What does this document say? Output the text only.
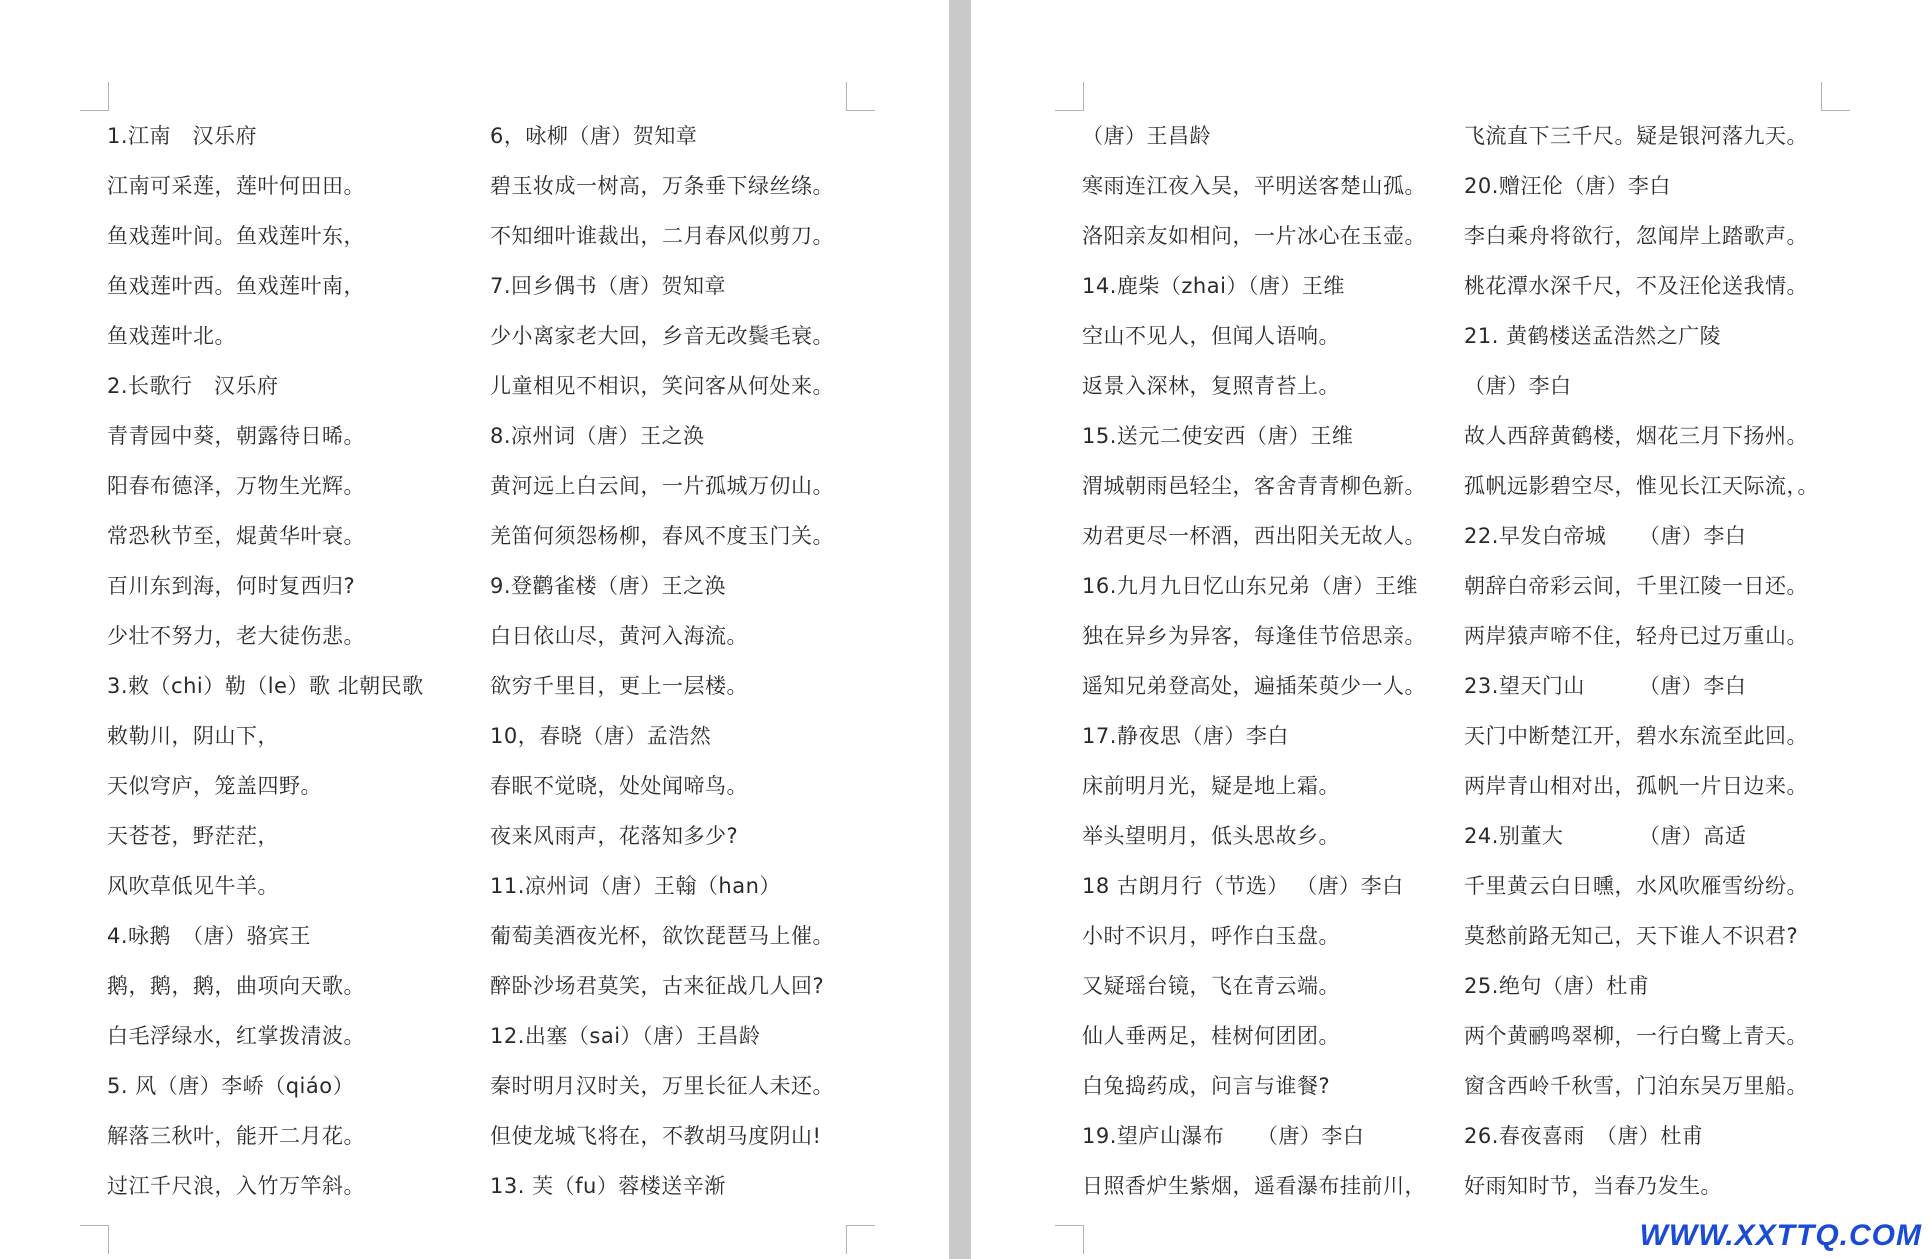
1.江南　汉乐府
江南可采莲，莲叶何田田。
鱼戏莲叶间。鱼戏莲叶东，
鱼戏莲叶西。鱼戏莲叶南，
鱼戏莲叶北。
2.长歌行　汉乐府
青青园中葵，朝露待日晞。
阳春布德泽，万物生光辉。
常恐秋节至，焜黄华叶衰。
百川东到海，何时复西归?
少壮不努力，老大徒伤悲。
3.敕（chi）勒（le）歌 北朝民歌
敕勒川，阴山下，
天似穹庐，笼盖四野。
天苍苍，野茫茫，
风吹草低见牛羊。
4.咏鹅　（唐）骆宾王
鹅，鹅，鹅，曲项向天歌。
白毛浮绿水，红掌拨清波。
5. 风（唐）李峤（qiáo）
解落三秋叶，能开二月花。
过江千尺浪，入竹万竿斜。
6，咏柳（唐）贺知章
碧玉妆成一树高，万条垂下绿丝绦。
不知细叶谁裁出，二月春风似剪刀。
7.回乡偶书（唐）贺知章
少小离家老大回，乡音无改鬓毛衰。
儿童相见不相识，笑问客从何处来。
8.凉州词（唐）王之涣
黄河远上白云间，一片孤城万仞山。
羌笛何须怨杨柳，春风不度玉门关。
9.登鹳雀楼（唐）王之涣
白日依山尽，黄河入海流。
欲穷千里目，更上一层楼。
10，春晓（唐）孟浩然
春眠不觉晓，处处闻啼鸟。
夜来风雨声，花落知多少?
11.凉州词（唐）王翰（han）
葡萄美酒夜光杯，欲饮琵琶马上催。
醉卧沙场君莫笑，古来征战几人回?
12.出塞（sai）（唐）王昌龄
秦时明月汉时关，万里长征人未还。
但使龙城飞将在，不教胡马度阴山!
13. 芙（fu）蓉楼送辛渐
（唐）王昌龄
寒雨连江夜入吴，平明送客楚山孤。
洛阳亲友如相问，一片冰心在玉壶。
14.鹿柴（zhai）（唐）王维
空山不见人，但闻人语响。
返景入深林，复照青苔上。
15.送元二使安西（唐）王维
渭城朝雨邑轻尘，客舍青青柳色新。
劝君更尽一杯酒，西出阳关无故人。
16.九月九日忆山东兄弟（唐）王维
独在异乡为异客，每逢佳节倍思亲。
遥知兄弟登高处，遍插茱萸少一人。
17.静夜思（唐）李白
床前明月光，疑是地上霜。
举头望明月，低头思故乡。
18 古朗月行（节选） （唐）李白
小时不识月，呼作白玉盘。
又疑瑶台镜，飞在青云端。
仙人垂两足，桂树何团团。
白兔捣药成，问言与谁餐?
19.望庐山瀑布　　（唐）李白
日照香炉生紫烟，遥看瀑布挂前川，
飞流直下三千尺。疑是银河落九天。
20.赠汪伦（唐）李白
李白乘舟将欲行，忽闻岸上踏歌声。
桃花潭水深千尺，不及汪伦送我情。
21. 黄鹤楼送孟浩然之广陵
（唐）李白
故人西辞黄鹤楼，烟花三月下扬州。
孤帆远影碧空尽，惟见长江天际流，。
22.早发白帝城　　（唐）李白
朝辞白帝彩云间，千里江陵一日还。
两岸猿声啼不住，轻舟已过万重山。
23.望天门山　　　（唐）李白
天门中断楚江开，碧水东流至此回。
两岸青山相对出，孤帆一片日边来。
24.别董大　　　　（唐）高适
千里黄云白日曛，水风吹雁雪纷纷。
莫愁前路无知己，天下谁人不识君?
25.绝句（唐）杜甫
两个黄鹂鸣翠柳，一行白鹭上青天。
窗含西岭千秋雪，门泊东吴万里船。
26.春夜喜雨　（唐）杜甫
好雨知时节，当春乃发生。
WWW.XXTTQ.COM
